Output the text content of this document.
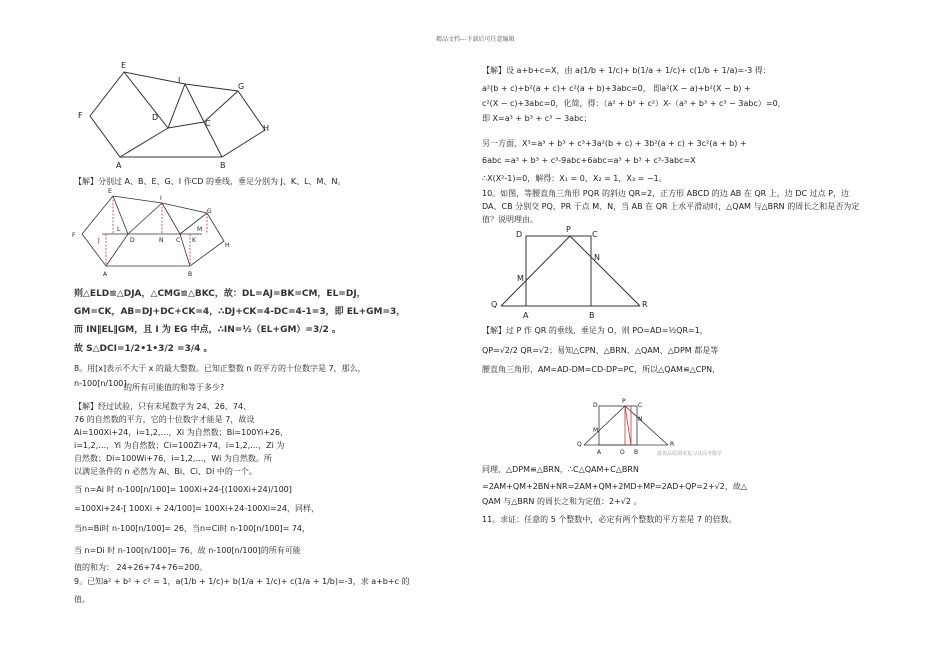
精品文档---下载后可任意编辑
E
I
G
F	D
C
H
A	B
【解】分别过 A、B、E、G、I 作CD 的垂线，垂足分别为 J、K、L、M、N。
E
I
G
F
L	M
H
J	D	N C K
A	B
则△ELD≌△DJA，△CMG≌△BKC，故：DL=AJ=BK=CM，EL=DJ，
GM=CK，AB=DJ+DC+CK=4，∴DJ+CK=4-DC=4-1=3，即 EL+GM=3，
而 IN∥EL∥GM，且 I 为 EG 中点，∴IN=½（EL+GM）=3/2 。
故 S△DCI=1/2•1•3/2 =3/4 。
8。用[x]表示不大于 x 的最大整数。已知正整数 n 的平方的十位数字是 7，那么，
n-100[n/100]
的所有可能值的和等于多少?
【解】经过试验，只有末尾数字为 24、26、74、
76 的自然数的平方，它的十位数字才能是 7，故设
Ai=100Xi+24，i=1,2,…，Xi 为自然数；Bi=100Yi+26，
i=1,2,…，Yi 为自然数；Ci=100Zi+74，i=1,2,…，Zi 为
自然数；Di=100Wi+76，i=1,2,…，Wi 为自然数。所
以满足条件的 n 必然为 Ai、Bi、Ci、Di 中的一个。
当 n=Ai 时 n-100[n/100]= 100Xi+24-[(100Xi+24)/100]
=100Xi+24-[ 100Xi + 24/100]= 100Xi+24-100Xi=24，同样，
当n=Bi时 n-100[n/100]= 26，当n=Ci时 n-100[n/100]= 74，
当 n=Di 时 n-100[n/100]= 76，故 n-100[n/100]的所有可能
值的和为： 24+26+74+76=200。
9。已知a² + b² + c² = 1，a(1/b + 1/c)+ b(1/a + 1/c)+ c(1/a + 1/b)=-3，求 a+b+c 的
值。
【解】设 a+b+c=X，由 a(1/b + 1/c)+ b(1/a + 1/c)+ c(1/b + 1/a)=-3 得：
a²(b + c)+b²(a + c)+ c²(a + b)+3abc=0， 即a²(X − a)+b²(X − b) +
c²(X − c)+3abc=0，化简，得：（a² + b² + c²）X-（a³ + b³ + c³ − 3abc）=0，
即 X=a³ + b³ + c³ − 3abc；
另一方面，X³=a³ + b³ + c³+3a²(b + c) + 3b²(a + c) + 3c²(a + b) +
6abc =a³ + b³ + c³-9abc+6abc=a³ + b³ + c³-3abc=X
∴X(X²-1)=0，解得：X₁ = 0，X₂ = 1，X₃ = −1。
10。如图，等腰直角三角形 PQR 的斜边 QR=2，正方形 ABCD 的边 AB 在 QR 上，边 DC 过点 P，边
DA、CB 分别交 PQ、PR 于点 M、N，当 AB 在 QR 上水平滑动时，△QAM 与△BRN 的周长之和是否为定
值？说明理由。
D
P
C
N
M
Q
A	B
R
【解】过 P 作 QR 的垂线，垂足为 O，则 PO=AD=½QR=1，
QP=√2/2 QR=√2；易知△CPN、△BRN、△QAM、△DPM 都是等
腰直角三角形，AM=AD-DM=CD-DP=PC，所以△QAM≌△CPN，
D
P
C
N
M
Q
A	O B
R
最优品质期末复习及高考数学
同理，△DPM≌△BRN，∴C△QAM+C△BRN
=2AM+QM+2BN+NR=2AM+QM+2MD+MP=2AD+QP=2+√2，故△
QAM 与△BRN 的周长之和为定值：2+√2 。
11。求证：任意的 5 个整数中，必定有两个整数的平方差是 7 的倍数。
